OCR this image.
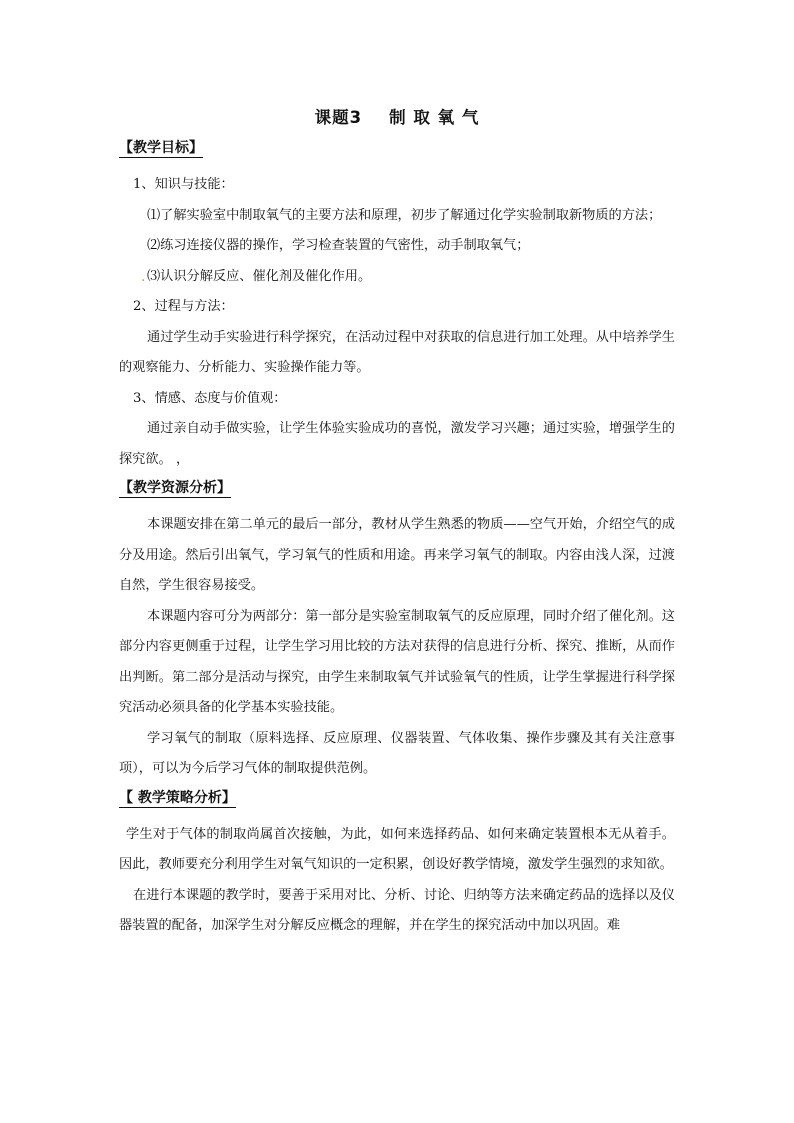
课题3    制 取 氧 气
【教学目标】

1、知识与技能：

⑴了解实验室中制取氧气的主要方法和原理，初步了解通过化学实验制取新物质的方法；

⑵练习连接仪器的操作，学习检查装置的气密性，动手制取氧气；

. ⑶认识分解反应、催化剂及催化作用。

2、过程与方法：

通过学生动手实验进行科学探究，在活动过程中对获取的信息进行加工处理。从中培养学生的观察能力、分析能力、实验操作能力等。

3、情感、态度与价值观：

通过亲自动手做实验，让学生体验实验成功的喜悦，激发学习兴趣；通过实验，增强学生的探究欲。 ，

【教学资源分析】

本课题安排在第二单元的最后一部分，教材从学生熟悉的物质——空气开始，介绍空气的成分及用途。然后引出氧气，学习氧气的性质和用途。再来学习氧气的制取。内容由浅人深，过渡自然，学生很容易接受。

本课题内容可分为两部分：第一部分是实验室制取氧气的反应原理，同时介绍了催化剂。这部分内容更侧重于过程，让学生学习用比较的方法对获得的信息进行分析、探究、推断，从而作出判断。第二部分是活动与探究，由学生来制取氧气并试验氧气的性质，让学生掌握进行科学探究活动必须具备的化学基本实验技能。

学习氧气的制取（原料选择、反应原理、仪器装置、气体收集、操作步骤及其有关注意事项），可以为今后学习气体的制取提供范例。

【 教学策略分析】

学生对于气体的制取尚属首次接触，为此，如何来选择药品、如何来确定装置根本无从着手。因此，教师要充分利用学生对氧气知识的一定积累，创设好教学情境，激发学生强烈的求知欲。

在进行本课题的教学时，要善于采用对比、分析、讨论、归纳等方法来确定药品的选择以及仪器装置的配备，加深学生对分解反应概念的理解，并在学生的探究活动中加以巩固。难
